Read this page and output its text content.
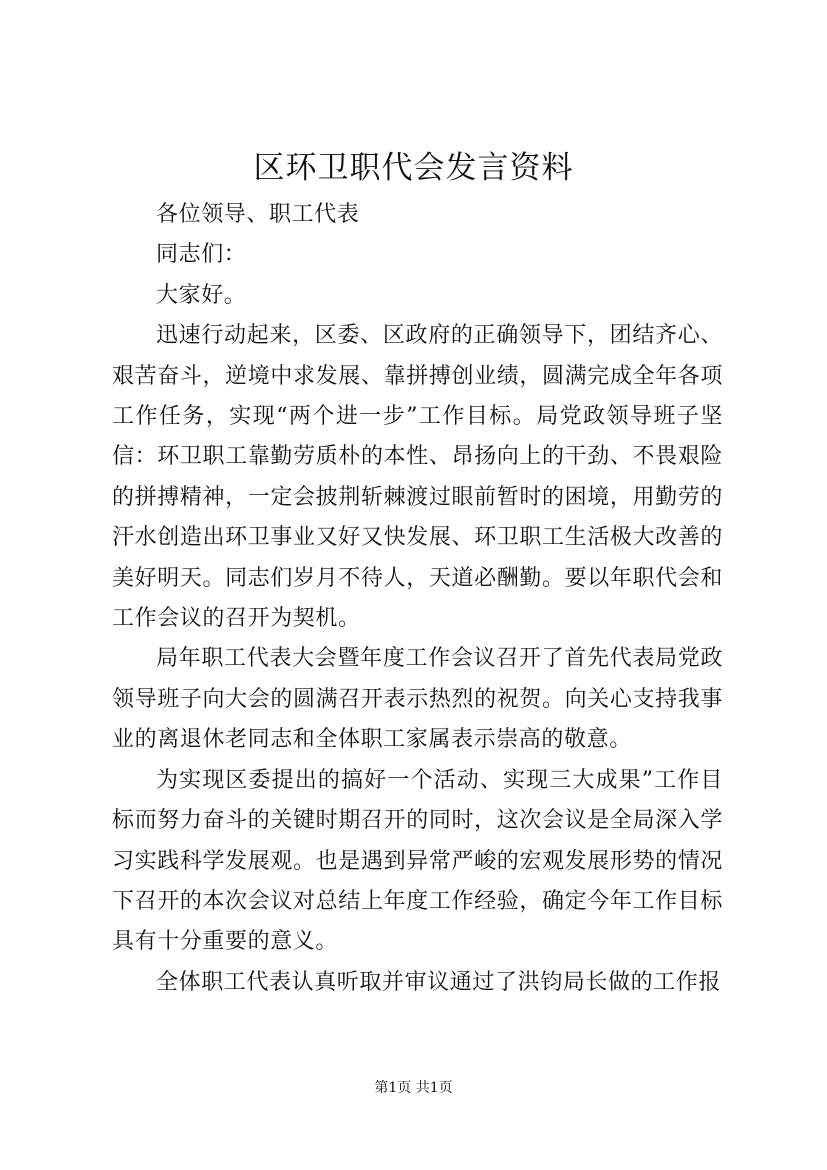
区环卫职代会发言资料

各位领导、职工代表

同志们：

大家好。

迅速行动起来，区委、区政府的正确领导下，团结齐心、艰苦奋斗，逆境中求发展、靠拼搏创业绩，圆满完成全年各项工作任务，实现“两个进一步”工作目标。局党政领导班子坚信：环卫职工靠勤劳质朴的本性、昂扬向上的干劲、不畏艰险的拼搏精神，一定会披荆斩棘渡过眼前暂时的困境，用勤劳的汗水创造出环卫事业又好又快发展、环卫职工生活极大改善的美好明天。同志们岁月不待人，天道必酬勤。要以年职代会和工作会议的召开为契机。

局年职工代表大会暨年度工作会议召开了首先代表局党政领导班子向大会的圆满召开表示热烈的祝贺。向关心支持我事业的离退休老同志和全体职工家属表示崇高的敬意。

为实现区委提出的搞好一个活动、实现三大成果”工作目标而努力奋斗的关键时期召开的同时，这次会议是全局深入学习实践科学发展观。也是遇到异常严峻的宏观发展形势的情况下召开的本次会议对总结上年度工作经验，确定今年工作目标具有十分重要的意义。

全体职工代表认真听取并审议通过了洪钧局长做的工作报

第1页 共1页
